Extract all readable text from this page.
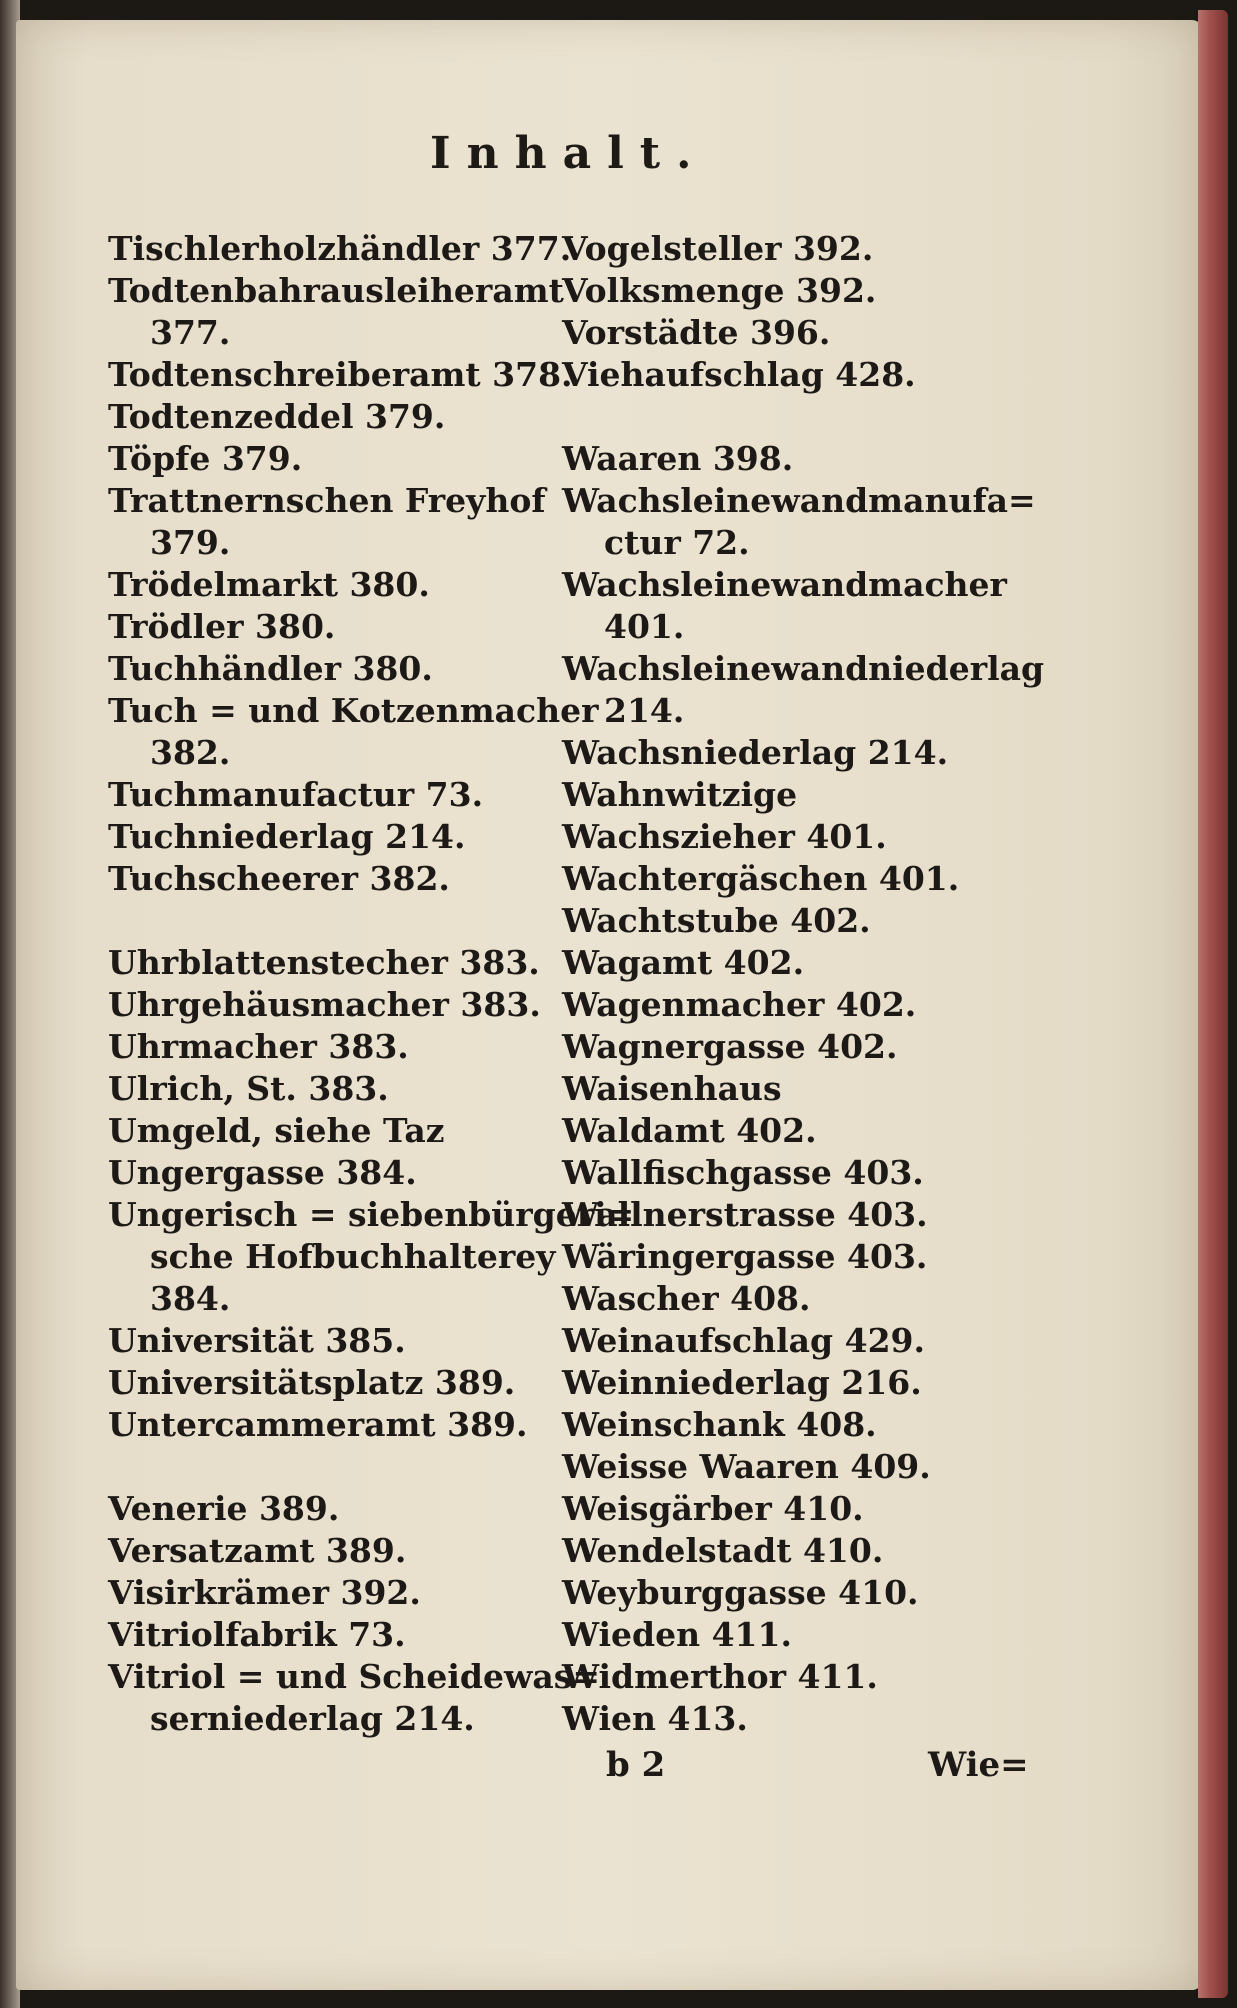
Inhalt.
Tischlerholzhändler 377.
Todtenbahrausleiheramt
377.
Todtenschreiberamt 378.
Todtenzeddel 379.
Töpfe 379.
Trattnernschen Freyhof
379.
Trödelmarkt 380.
Trödler 380.
Tuchhändler 380.
Tuch = und Kotzenmacher
382.
Tuchmanufactur 73.
Tuchniederlag 214.
Tuchscheerer 382.
Uhrblattenstecher 383.
Uhrgehäusmacher 383.
Uhrmacher 383.
Ulrich, St. 383.
Umgeld, siehe Taz
Ungergasse 384.
Ungerisch = siebenbürgeri=
sche Hofbuchhalterey
384.
Universität 385.
Universitätsplatz 389.
Untercammeramt 389.
Venerie 389.
Versatzamt 389.
Visirkrämer 392.
Vitriolfabrik 73.
Vitriol = und Scheidewas=
serniederlag 214.
Vogelsteller 392.
Volksmenge 392.
Vorstädte 396.
Viehaufschlag 428.
Waaren 398.
Wachsleinewandmanufa=
ctur 72.
Wachsleinewandmacher
401.
Wachsleinewandniederlag
214.
Wachsniederlag 214.
Wahnwitzige
Wachszieher 401.
Wachtergäschen 401.
Wachtstube 402.
Wagamt 402.
Wagenmacher 402.
Wagnergasse 402.
Waisenhaus
Waldamt 402.
Wallfischgasse 403.
Wallnerstrasse 403.
Wäringergasse 403.
Wascher 408.
Weinaufschlag 429.
Weinniederlag 216.
Weinschank 408.
Weisse Waaren 409.
Weisgärber 410.
Wendelstadt 410.
Weyburggasse 410.
Wieden 411.
Widmerthor 411.
Wien 413.
b 2	Wie=
